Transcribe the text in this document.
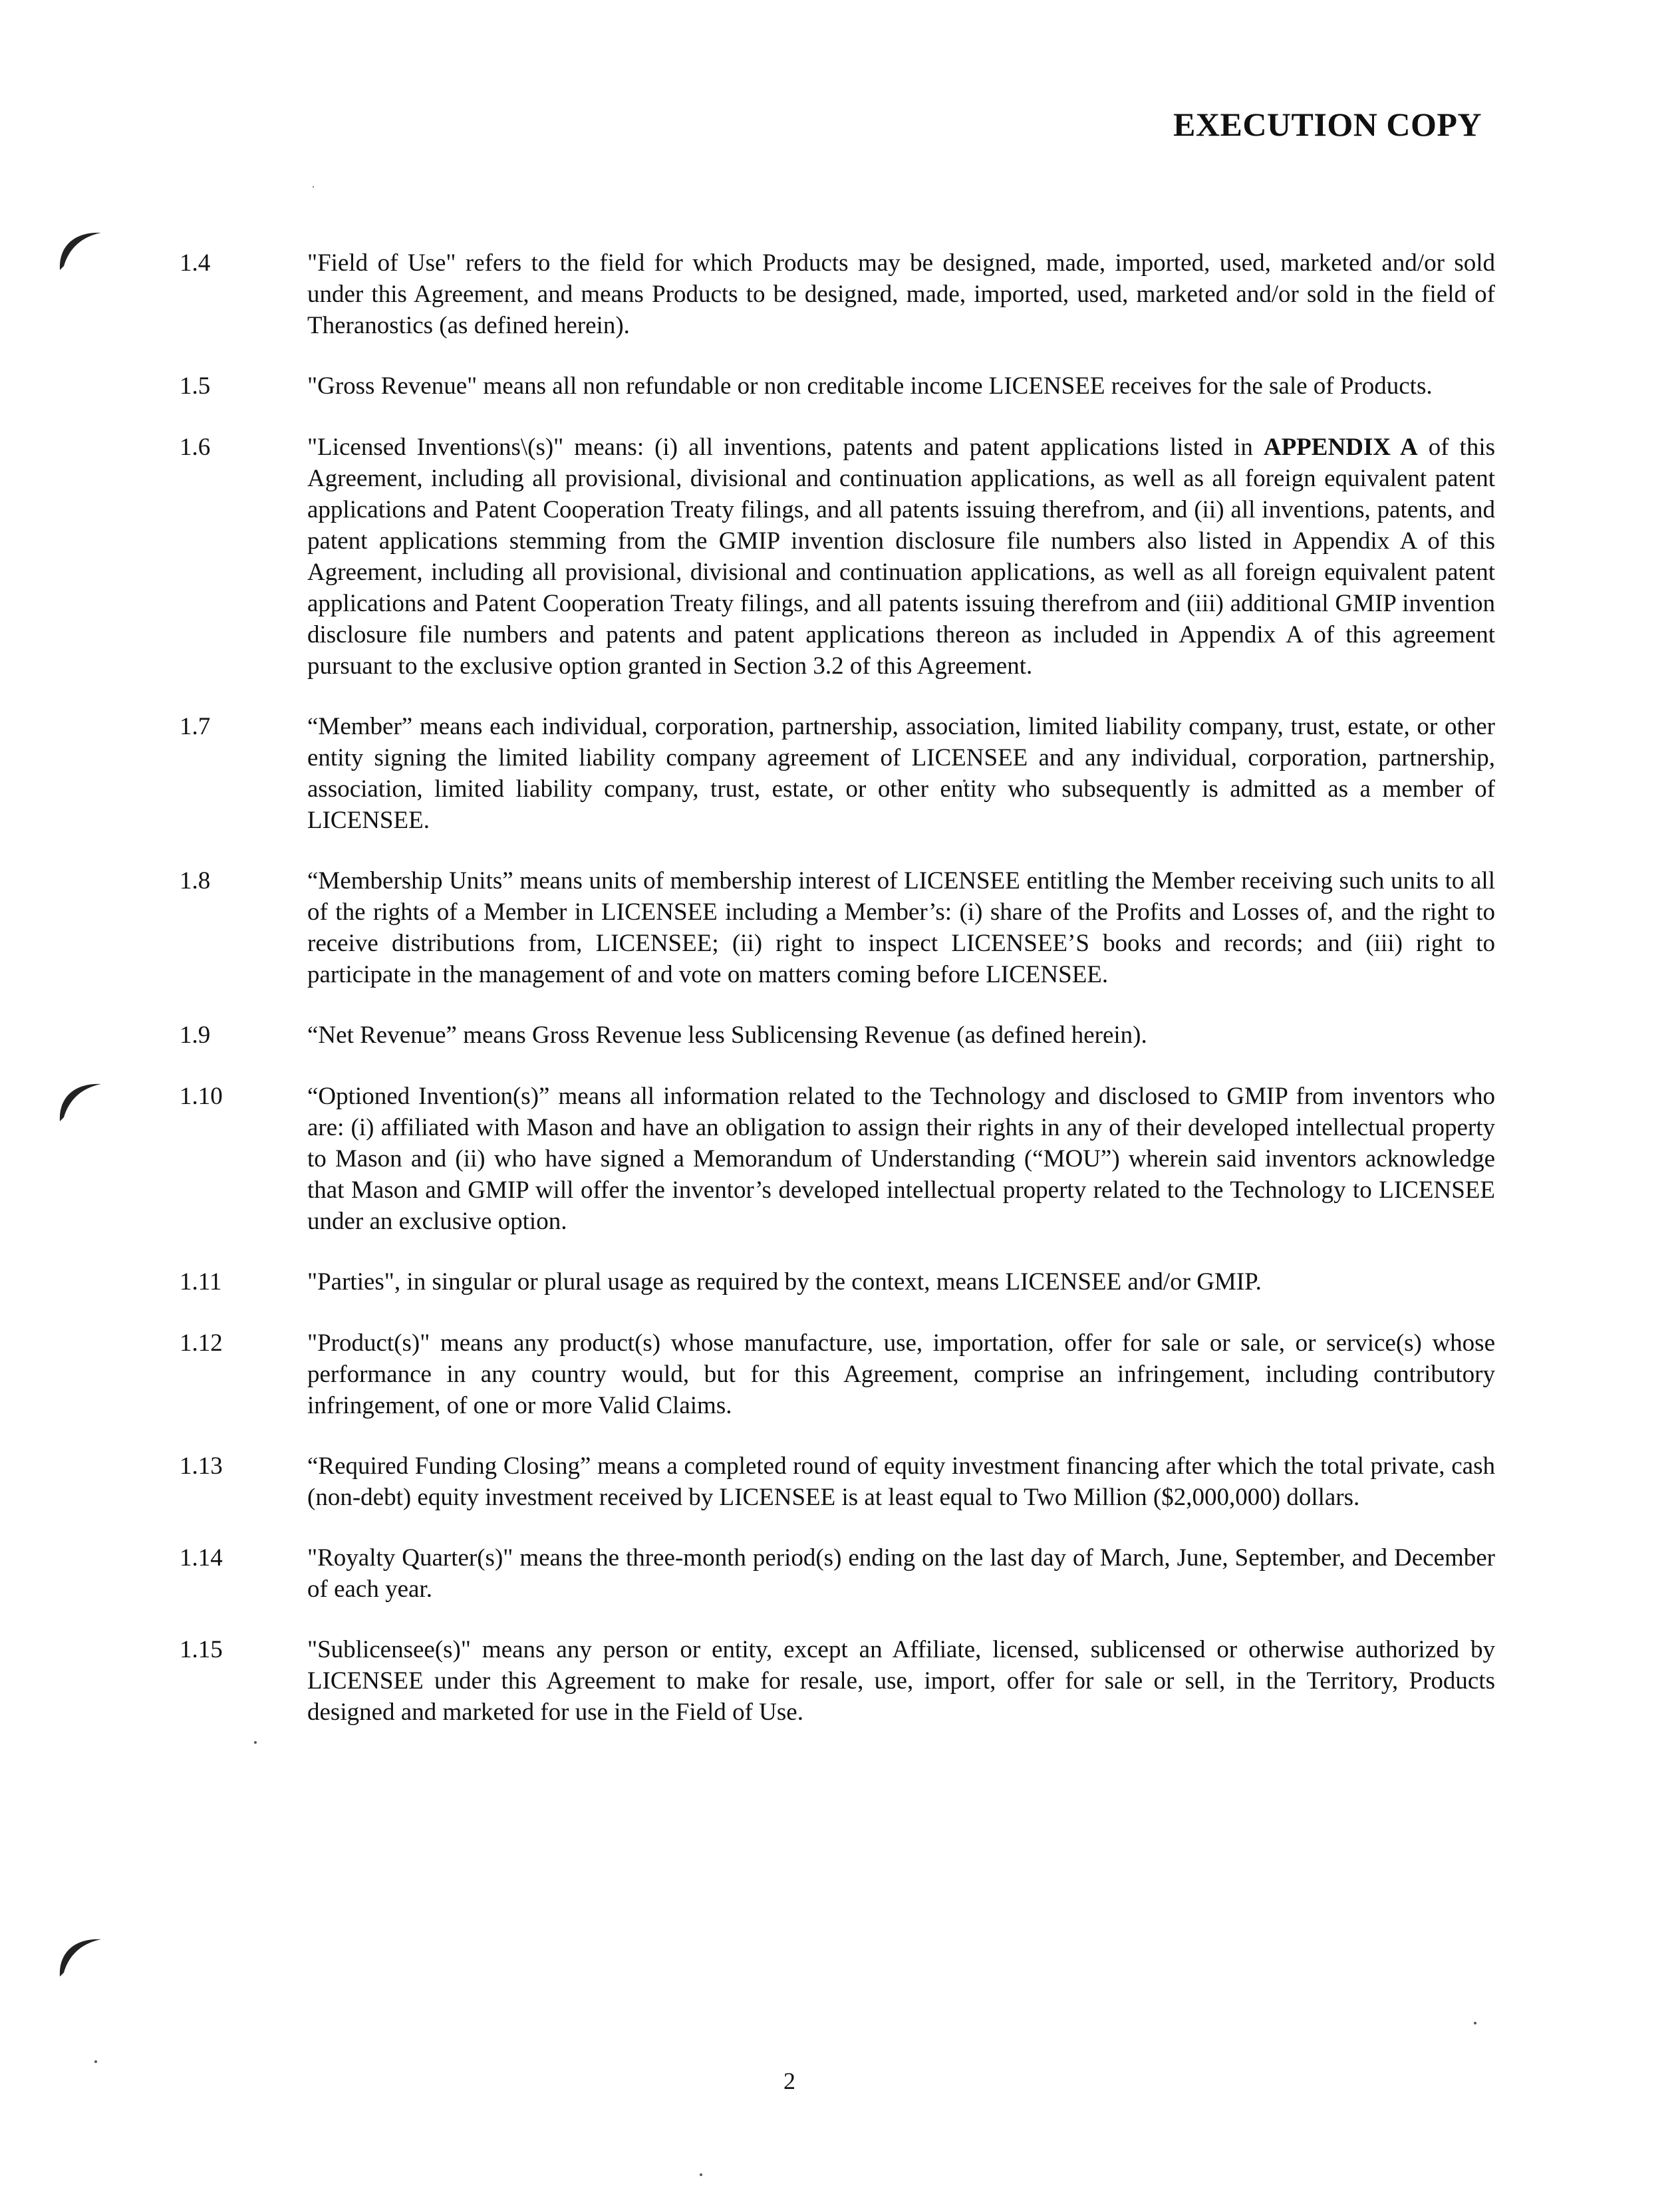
EXECUTION COPY
1.4	"Field of Use" refers to the field for which Products may be designed, made, imported, used, marketed and/or sold under this Agreement, and means Products to be designed, made, imported, used, marketed and/or sold in the field of Theranostics (as defined herein).
1.5	"Gross Revenue" means all non refundable or non creditable income LICENSEE receives for the sale of Products.
1.6	"Licensed Inventions\(s)" means: (i) all inventions, patents and patent applications listed in APPENDIX A of this Agreement, including all provisional, divisional and continuation applications, as well as all foreign equivalent patent applications and Patent Cooperation Treaty filings, and all patents issuing therefrom, and (ii) all inventions, patents, and patent applications stemming from the GMIP invention disclosure file numbers also listed in Appendix A of this Agreement, including all provisional, divisional and continuation applications, as well as all foreign equivalent patent applications and Patent Cooperation Treaty filings, and all patents issuing therefrom and (iii) additional GMIP invention disclosure file numbers and patents and patent applications thereon as included in Appendix A of this agreement pursuant to the exclusive option granted in Section 3.2 of this Agreement.
1.7	“Member” means each individual, corporation, partnership, association, limited liability company, trust, estate, or other entity signing the limited liability company agreement of LICENSEE and any individual, corporation, partnership, association, limited liability company, trust, estate, or other entity who subsequently is admitted as a member of LICENSEE.
1.8	“Membership Units” means units of membership interest of LICENSEE entitling the Member receiving such units to all of the rights of a Member in LICENSEE including a Member’s: (i) share of the Profits and Losses of, and the right to receive distributions from, LICENSEE; (ii) right to inspect LICENSEE’S books and records; and (iii) right to participate in the management of and vote on matters coming before LICENSEE.
1.9	“Net Revenue” means Gross Revenue less Sublicensing Revenue (as defined herein).
1.10	“Optioned Invention(s)” means all information related to the Technology and disclosed to GMIP from inventors who are: (i) affiliated with Mason and have an obligation to assign their rights in any of their developed intellectual property to Mason and (ii) who have signed a Memorandum of Understanding (“MOU”) wherein said inventors acknowledge that Mason and GMIP will offer the inventor’s developed intellectual property related to the Technology to LICENSEE under an exclusive option.
1.11	"Parties", in singular or plural usage as required by the context, means LICENSEE and/or GMIP.
1.12	"Product(s)" means any product(s) whose manufacture, use, importation, offer for sale or sale, or service(s) whose performance in any country would, but for this Agreement, comprise an infringement, including contributory infringement, of one or more Valid Claims.
1.13	“Required Funding Closing” means a completed round of equity investment financing after which the total private, cash (non-debt) equity investment received by LICENSEE is at least equal to Two Million ($2,000,000) dollars.
1.14	"Royalty Quarter(s)" means the three-month period(s) ending on the last day of March, June, September, and December of each year.
1.15	"Sublicensee(s)" means any person or entity, except an Affiliate, licensed, sublicensed or otherwise authorized by LICENSEE under this Agreement to make for resale, use, import, offer for sale or sell, in the Territory, Products designed and marketed for use in the Field of Use.
2
